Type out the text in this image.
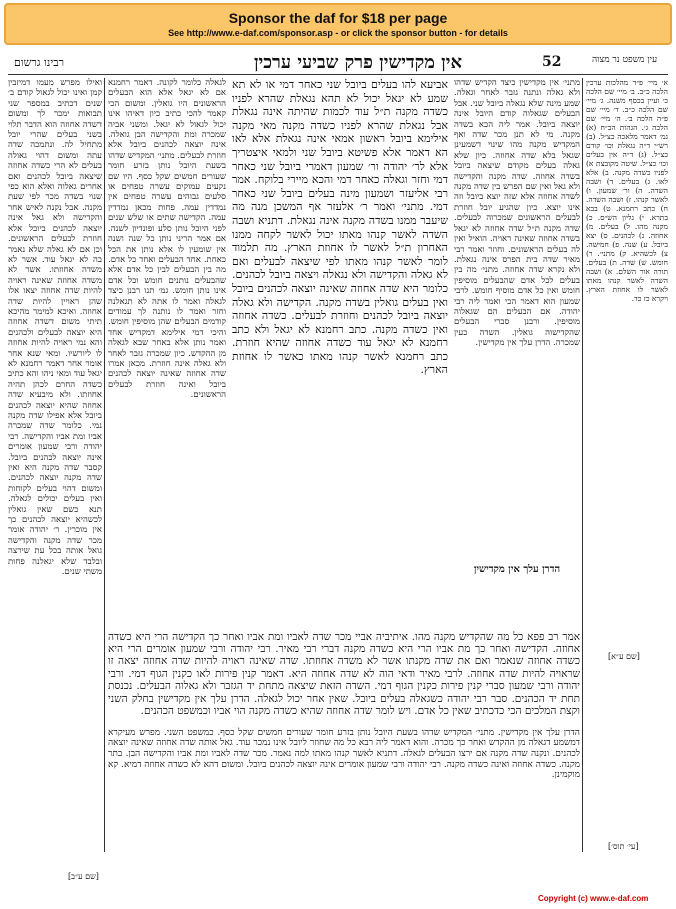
Sponsor the daf for $18 per page
See http://www.e-daf.com/sponsor.asp - or click the sponsor button - for details
רבינו גרשום	אין מקדישין פרק שביעי ערכין	52	עין משפט נר מצוה

ואילו מפרש מעמו דמיזבין קמן ואינו יכול לגאול קודם ב׳ שנים דכתיב במספר שני תבואות ימכר לך ומשום דשדה אחוזה הוא הדבר תלוי בשני בעלים שהרי יובל מתחיל לה. ונתמכה שדה עתה ומשום דהוי גאולה בעלים לא הרי כשדה אחוזה שיצאה ביובל לכהנים ואם אחרים גאלוה ואלא הוא כפי שנוי בשדה מכר לפי שעת מקנה. אבל נקנה לאיש אחר והקדישה ולא גאל אינה יוצאה לכהנים ביובל אלא חוזרת לבעלים הראשונים. וכן אם לא גאלה שלא נאמר בה לא יגאל עוד. אשר לא משדה אחוזתו. אשר לא משדה אחוזה שאינה ראויה להיות שדה אחוזה יצאו אלו שהן ראויין להיות שדה אחוזה. ואיכא למימר מהיכא תיתי משום דשדה אחוזה היא יוצאה לבעלים ולכהנים והא נמי ראויה להיות אחוזה לו ליורשיו. ומאי שנא אחר אומר אחר דאמר רחמנא לא יגאל עוד ומאי ניהו והא כתיב כשדה החרם לכהן תהיה אחוזתו. ולא מיבעיא שדה אחוזה שהיא יוצאה לכהנים ביובל אלא אפילו שדה מקנה נמי. כלומר שדה שמכרה אביו ומת אביו והקדישה. רבי יהודה ורבי שמעון אומרים אינה יוצאה לכהנים ביובל. קסבר שדה מקנה היא ואין שדה מקנה יוצאה לכהנים. ומשום דהוי בעלים לקוחות ואין בעלים יכולים לגאלה. תנא כשם שאין גואלין לכשהיא יוצאה לכהנים כך אין מוכרין. ר׳ יהודה אומר מכר שדה מקנה והקדישה גואל אותה בכל עת שירצה ובלבד שלא יגאלנה פחות משתי שנים.

לגאלה כלומר לקונה. דאמר רחמנא אם לא יגאל אלא הוא הבעלים הראשונים היו גואלין. ומשום הכי קאמר להכי כתיב כיון דאיהו אינו יכול לגאול לא יגאל. ומשני אביה שמכרה ומת והקדישה הבן גואלה. אינה יוצאה לכהנים ביובל אלא חוזרת לבעלים. מתני׳ המקדיש שדהו בשעת היובל נותן בזרע חומר שעורים חמשים שקל כסף. היו שם נקעים עמוקים עשרה טפחים או סלעים גבוהים עשרה טפחים אין נמדדין עמה. פחות מכאן נמדדין עמה. הקדישה שתים או שלש שנים לפני היובל נותן סלע ופונדיון לשנה. אם אמר הריני נותן כל שנה ושנה אין שומעין לו אלא נותן את הכל כאחת. אחד הבעלים ואחד כל אדם. מה בין הבעלים לבין כל אדם אלא שהבעלים נותנים חומש וכל אדם אינו נותן חומש. גמ׳ תנו רבנן כיצד לגאלה ואמר לו אתה לא תגאלנה וחזר ואמר לו נותנה לך עמודים קודמים הבעלים שהן מוסיפין חומש. והיכי דמי אילימא דמקדיש אחד ואמר נותן אלא באחר שבא לגאלה מן ההקדש. כיון שמכרה גזבר לאחר ולא גאלה אינה חוזרת. מכאן אמרו שדה אחוזה שאינה יוצאה לכהנים ביובל ואינה חוזרת לבעלים הראשונים.

אביעא להו בעלים ביובל שני כאחר דמי או לא תא שמע לא יגאל יכול לא תהא נגאלת שהרא לפניו כשדה מקנה ת״ל עוד לכמות שהיתה אינה נגאלת אבל נגאלת שהרא לפניו כשדה מקנה מאי מקנה אילימא ביובל ראשון אמאי אינה נגאלת אלא לאו הא דאמר אלא פשיטא ביובל שני ולמאי איצטריך אלא לר׳ יהודה ור׳ שמעון דאמרי ביובל שני כאחר דמי וחזר וגאלה כאחר דמי והכא מיירי בלוקח. אמר רבי אליעזר ושמעון מינה בעלים ביובל שני כאחר דמי. מתני׳ ואמר ר׳ אלעזר אף המשכן מנה מה שיעבר ממנו בשדה מקנה אינה נגאלת. דתניא ושבה השדה לאשר קנהו מאתו יכול לאשר לקחה ממנו האחרון ת״ל לאשר לו אחוזת הארץ. מה תלמוד לומר לאשר קנהו מאתו לפי שיצאה לבעלים ואם לא גאלה והקדישה ולא נגאלה ויצאה ביובל לכהנים. כלומר היא שדה אחוזה שאינה יוצאה לכהנים ביובל ואין בעלים גואלין בשדה מקנה. הקדישה ולא גאלה יוצאה ביובל לכהנים וחוזרת לבעלים. כשדה אחוזה ואין כשדה מקנה. כתב רחמנא לא יגאל ולא כתב רחמנא לא יגאל עוד כשדה אחוזה שהיא חוזרת. כתב רחמנא לאשר קנהו מאתו כאשר לו אחוזת הארץ.

מתני׳ אין מקדישין כיצד הקדיש שדהו ולא גאלה ונתנה גזבר לאחר וגאלה. שמע מינה שלא נגאלה ביובל שני. אבל הבעלים שגאלוה קודם היובל אינה יוצאה ביובל. אמר ליה הכא בשדה מקנה. מי לא תנן מכר שדה ואף המקדיש מקנה מהו שינוי דשמעינן שגאל בלא שדה אחוזה. כיון שלא גאלה בעלים מקודם שיצאה ביובל בשדה אחוזה. שדה מקנה והקדישה ולא גאל ואין שם הפרש בין שדה מקנה לשדה אחוזה אלא שזה יוצא ביובל וזה אינו יוצא. כיון שהגיע יובל חוזרת לבעלים הראשונים שמכרוה לבעלים. שדה מקנה ת״ל שדה אחוזה לא יגאל בשדה אחוזה שאינה ראויה. הואיל ואין לה בעלים הראשונים. וחוזר ואמר רבי מאיר שדה בית הפרס אינה נגאלת. ולא נקרא שדה אחוזה. מתני׳ מה בין בעלים לכל אדם שהבעלים מוסיפין חומש ואין כל אדם מוסיף חומש. לרבי שמעון הוא דאמר הכי ואמר ליה רבי יהודה. אם הבעלים הם שגאלוה מוסיפין. ורבנן סברי הבעלים שהקדישוה גואלין. השדה כעין שמכרה. הדרן עלך אין מקדישין.

הדרן עלך אין מקדישין

א׳ מיי׳ פ״ד מהלכות ערכין הלכה כ״ב. ב׳ מיי׳ שם הלכה כ׳ ועיין בכסף משנה. ג׳ מיי׳ שם הלכה כ״ב. ד׳ מיי׳ שם פ״ה הלכה ב׳. ה׳ מיי׳ שם הלכה ג׳. הגהות הב״ח (א) גמ׳ דאמר מלאכה כצ״ל. (ב) רש״י ד״ה נגאלת וכו׳ קודם כצ״ל. (ג) ד״ה אין בעלים וכו׳ כצ״ל. שיטה מקובצת א) לפניו כשדה מקנה. ב) אלא לאו. ג) בעלים. ד) ושבה השדה. ה) ור׳ שמעון. ו) לאשר קנהו. ז) ושבה השדה. ח) כתב רחמנא. ט) בבא בתרא. י) גליון הש״ס. כ) מקנה מהו. ל) בעלים. מ) אחוזה. נ) לכהנים. ס) יצא ביובל. ע) שנה. פ) חמישה. צ) לכשהיא. ק) מתני׳. ר) חומש. ש) שדה. ת) בעלים. תורה אור השלם. א) ושבה השדה לאשר קנהו מאתו לאשר לו אחוזת הארץ. ויקרא כז כד.

אמר רב פפא כל מה שהקדיש מקנה מהו. איתיביה אביי מכר שדה לאביו ומת אביו ואחר כך הקדישה הרי היא כשדה אחוזה. הקדישה ואחר כך מת אביו הרי היא כשדה מקנה דברי רבי מאיר. רבי יהודה ורבי שמעון אומרים הרי היא כשדה אחוזה שנאמר ואם את שדה מקנתו אשר לא משדה אחוזתו. שדה שאינה ראויה להיות שדה אחוזה יצאה זו שראויה להיות שדה אחוזה. לרבי מאיר ודאי הוה לא שדה אחוזה היא. דאמר קנין פירות לאו כקנין הגוף דמי. ורבי יהודה ורבי שמעון סברי קנין פירות כקנין הגוף דמי. השדה הזאת שיצאה מתחת יד הגזבר ולא גאלוה הבעלים. נכנסת תחת יד הכהנים. סבר רבי יהודה כשגאלה בעלים ביובל. שאין אחר יכול לגאלה. הדרן עלך אין מקדישין בחלק השני וקצת המלכים הכי כדכתיב שאין כל אדם. ויש לומר שדה אחוזה שהיא כשדה מקנה הוי אביו וכמשפט הכהנים.

הדרן עלך אין מקדישין. מתני׳ המקדיש שדהו בשעת היובל נותן בזרע חומר שעורים חמשים שקל כסף. כמשפט השני. מפרש מעיקרא דמשמע דגאלה מן ההקדש ואחר כך מכרה. והוא דאמר ליה רבא כל מה שחוזר ליובל אינו נמכר עוד. גאל אותה שדה אחוזה שאינה יוצאה לכהנים. ונקנה שדה מקנה אם ירצו הבעלים לגאלה. דתניא לאשר קנהו מאתו למה נאמר. מכר שדה לאביו ומת אביו והקדישה הבן. בתר מקנה. כשדה אחוזה ואינה כשדה מקנה. רבי יהודה ורבי שמעון אומרים אינה יוצאה לכהנים ביובל. ומשום דהא לא כשדה אחוזה דמיא. קא מוקמינן.

[שם ע״ב]
[שם ע״א]
[עי׳ תוס׳]
Copyright (c) www.e-daf.com
